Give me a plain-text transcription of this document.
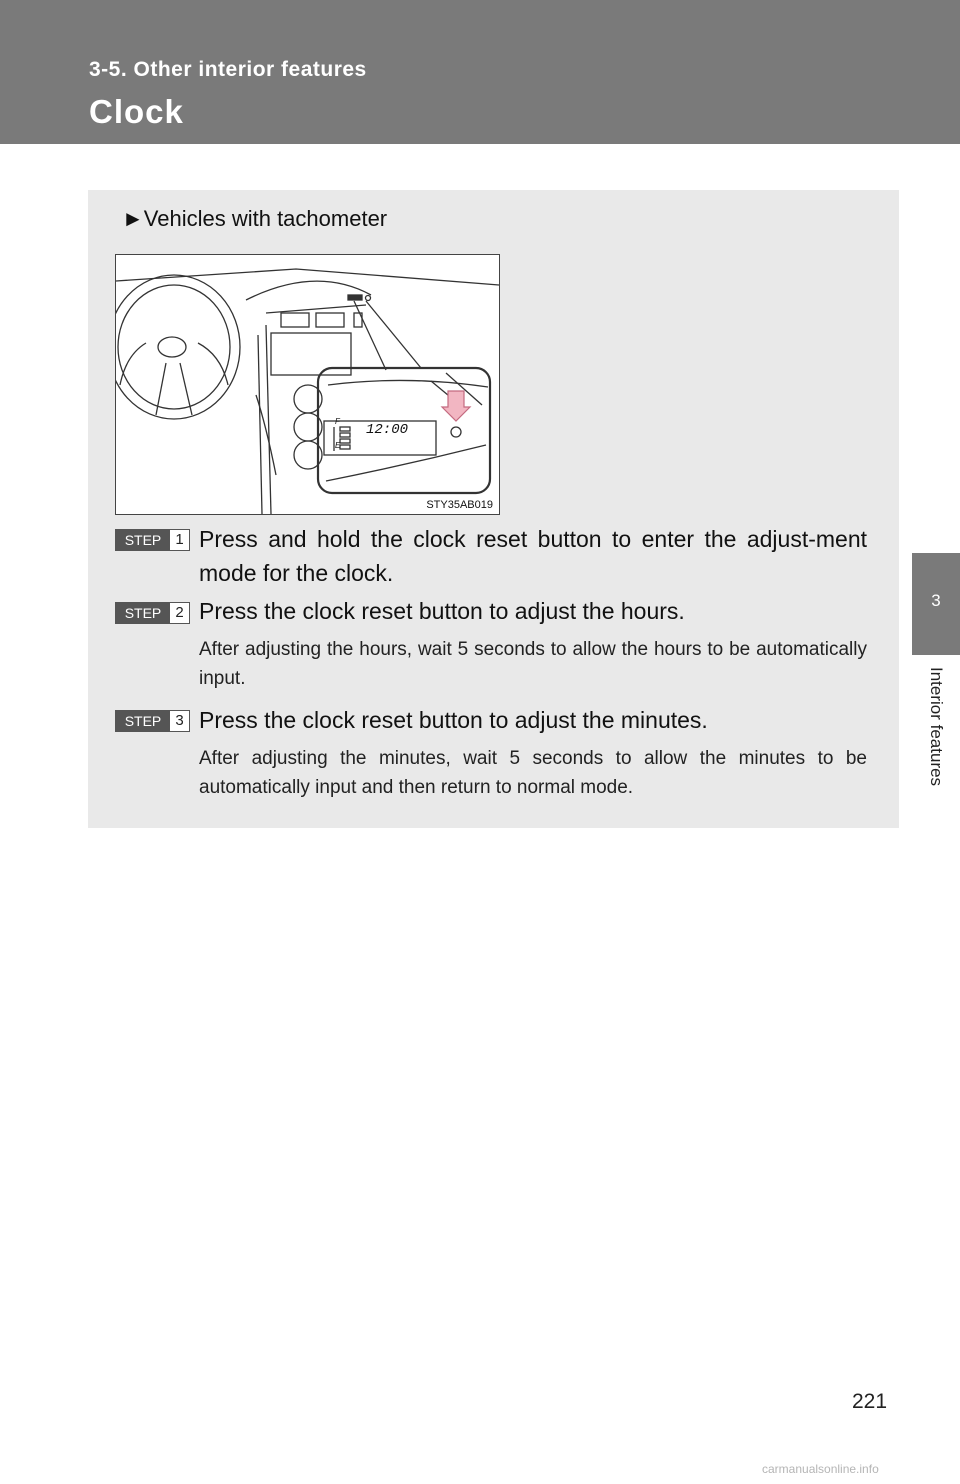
3-5. Other interior features
Clock
3
Interior features
►Vehicles with tachometer
F
E
12:00
STY35AB019
STEP 1 Press and hold the clock reset button to enter the adjust-ment mode for the clock.
STEP 2 Press the clock reset button to adjust the hours.
After adjusting the hours, wait 5 seconds to allow the hours to be automatically input.
STEP 3 Press the clock reset button to adjust the minutes.
After adjusting the minutes, wait 5 seconds to allow the minutes to be automatically input and then return to normal mode.
221
carmanualsonline.info
